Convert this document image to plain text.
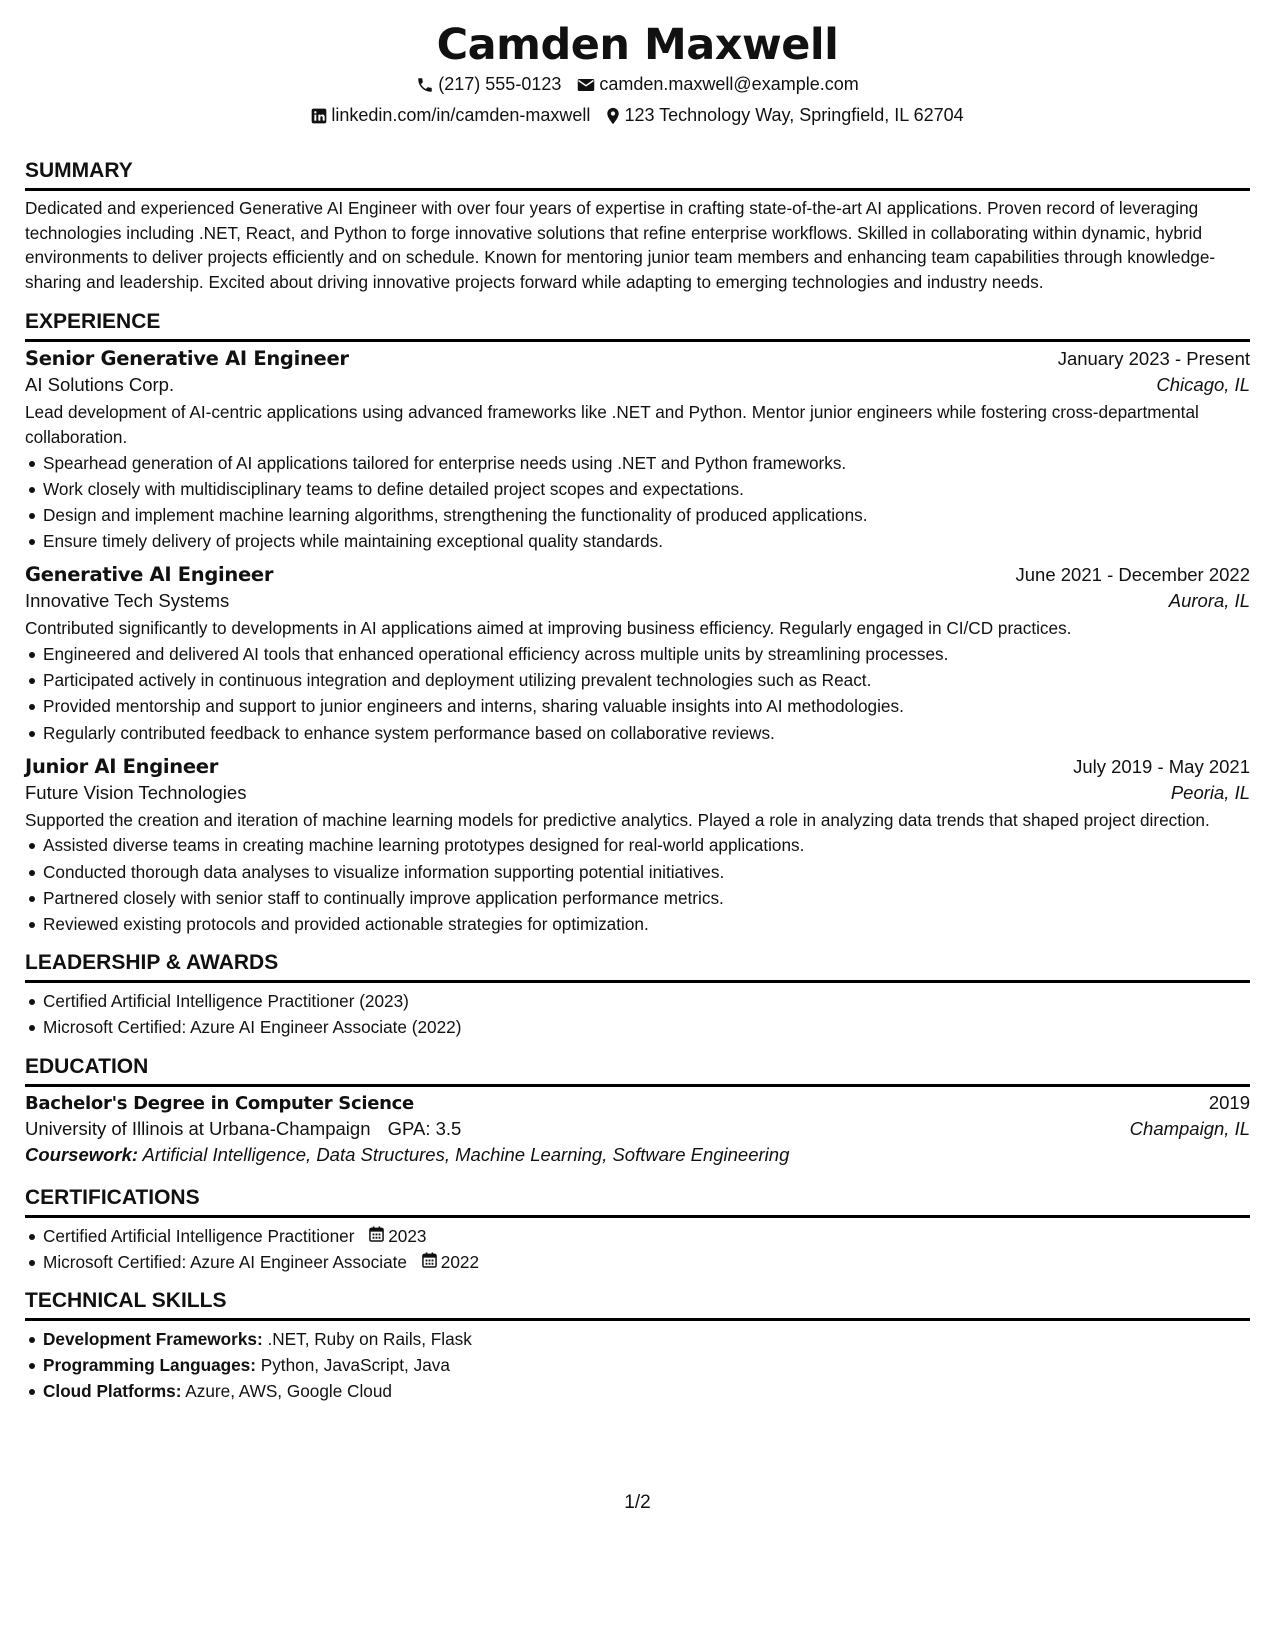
Camden Maxwell
(217) 555-0123 camden.maxwell@example.com
linkedin.com/in/camden-maxwell 123 Technology Way, Springfield, IL 62704
SUMMARY

Dedicated and experienced Generative AI Engineer with over four years of expertise in crafting state-of-the-art AI applications. Proven record of leveraging technologies including .NET, React, and Python to forge innovative solutions that refine enterprise workflows. Skilled in collaborating within dynamic, hybrid environments to deliver projects efficiently and on schedule. Known for mentoring junior team members and enhancing team capabilities through knowledge-sharing and leadership. Excited about driving innovative projects forward while adapting to emerging technologies and industry needs.

EXPERIENCE
Senior Generative AI Engineer	January 2023 - Present
AI Solutions Corp.	Chicago, IL

Lead development of AI-centric applications using advanced frameworks like .NET and Python. Mentor junior engineers while fostering cross-departmental collaboration.

Spearhead generation of AI applications tailored for enterprise needs using .NET and Python frameworks.
Work closely with multidisciplinary teams to define detailed project scopes and expectations.
Design and implement machine learning algorithms, strengthening the functionality of produced applications.
Ensure timely delivery of projects while maintaining exceptional quality standards.
Generative AI Engineer	June 2021 - December 2022
Innovative Tech Systems	Aurora, IL

Contributed significantly to developments in AI applications aimed at improving business efficiency. Regularly engaged in CI/CD practices.

Engineered and delivered AI tools that enhanced operational efficiency across multiple units by streamlining processes.
Participated actively in continuous integration and deployment utilizing prevalent technologies such as React.
Provided mentorship and support to junior engineers and interns, sharing valuable insights into AI methodologies.
Regularly contributed feedback to enhance system performance based on collaborative reviews.
Junior AI Engineer	July 2019 - May 2021
Future Vision Technologies	Peoria, IL

Supported the creation and iteration of machine learning models for predictive analytics. Played a role in analyzing data trends that shaped project direction.

Assisted diverse teams in creating machine learning prototypes designed for real-world applications.
Conducted thorough data analyses to visualize information supporting potential initiatives.
Partnered closely with senior staff to continually improve application performance metrics.
Reviewed existing protocols and provided actionable strategies for optimization.
LEADERSHIP & AWARDS
Certified Artificial Intelligence Practitioner (2023)
Microsoft Certified: Azure AI Engineer Associate (2022)
EDUCATION
Bachelor's Degree in Computer Science	2019
University of Illinois at Urbana-Champaign GPA: 3.5	Champaign, IL
Coursework: Artificial Intelligence, Data Structures, Machine Learning, Software Engineering
CERTIFICATIONS
Certified Artificial Intelligence Practitioner 2023
Microsoft Certified: Azure AI Engineer Associate 2022
TECHNICAL SKILLS
Development Frameworks: .NET, Ruby on Rails, Flask
Programming Languages: Python, JavaScript, Java
Cloud Platforms: Azure, AWS, Google Cloud
1/2
